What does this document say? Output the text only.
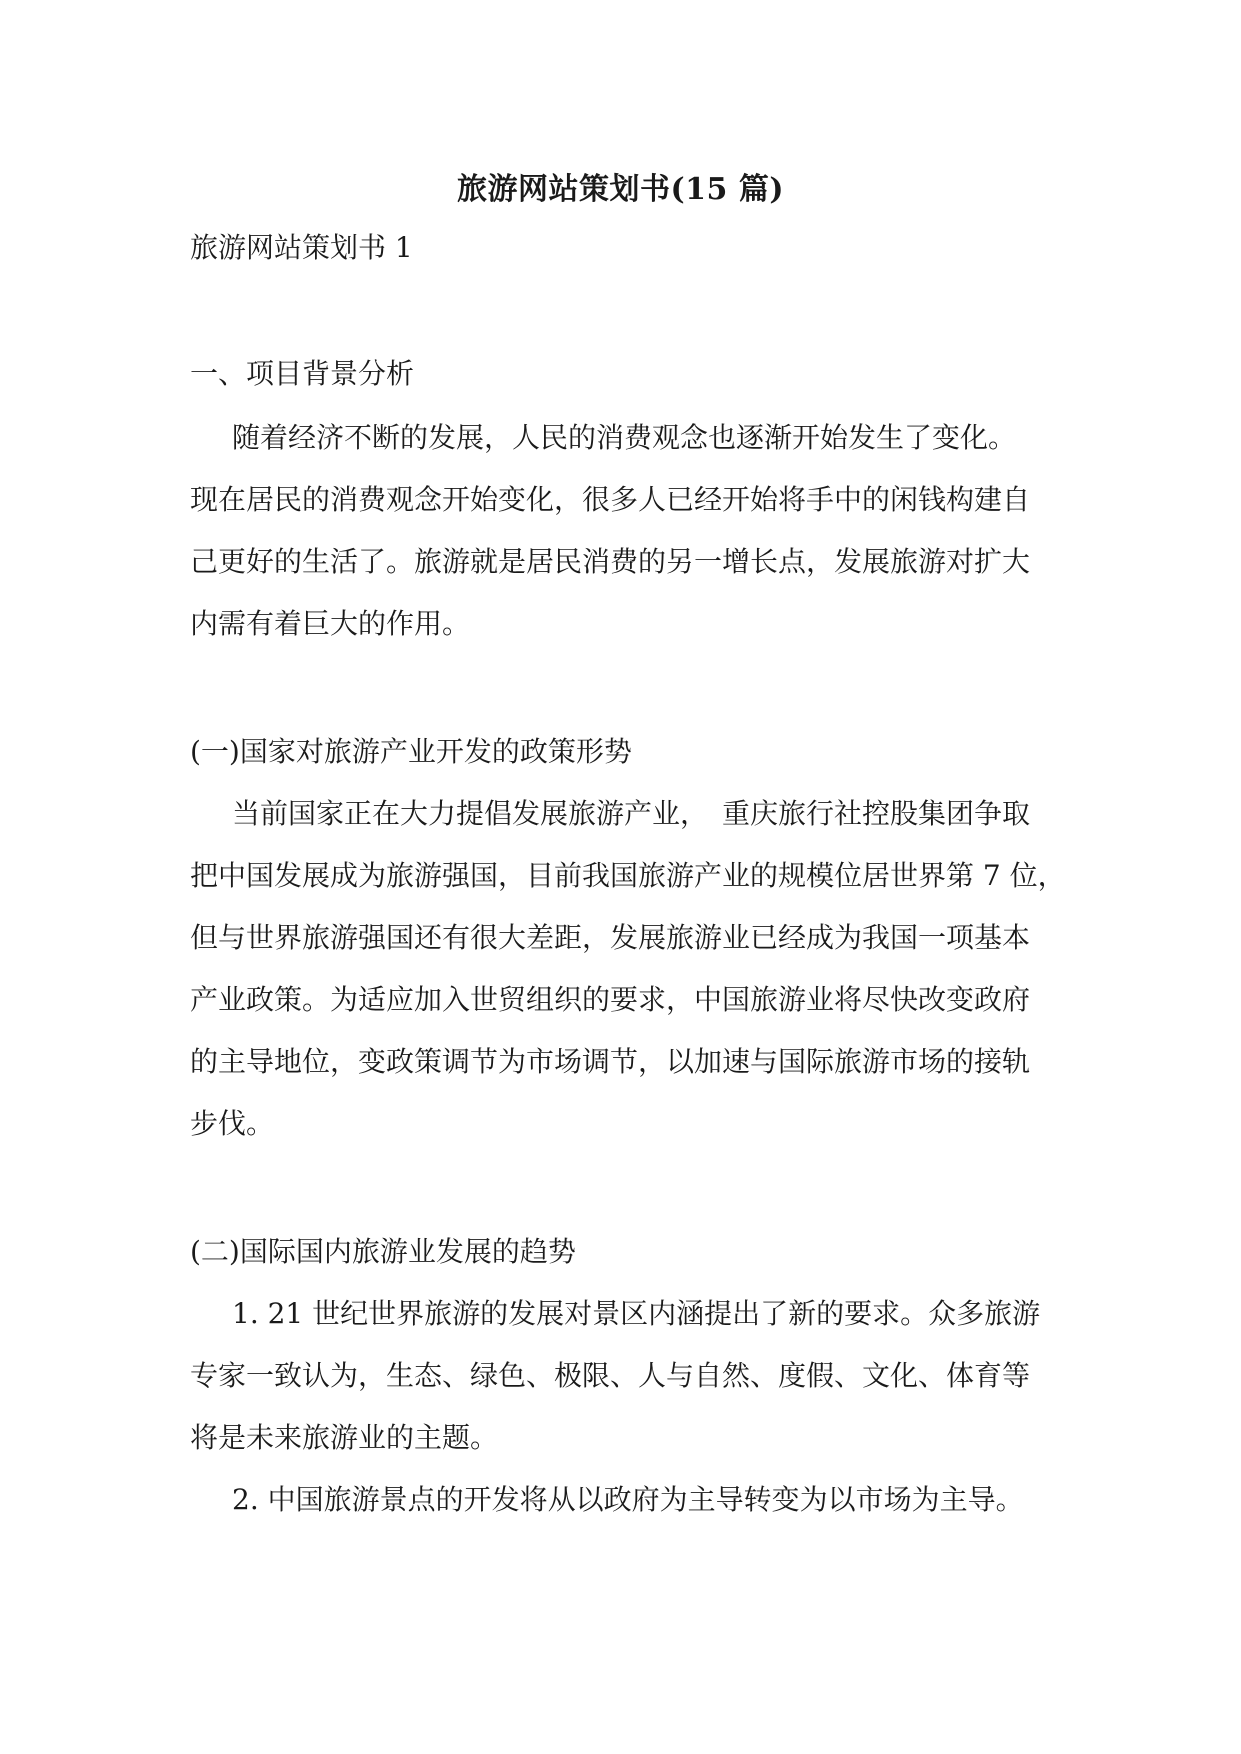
旅游网站策划书(15 篇)
旅游网站策划书 1
一、项目背景分析
随着经济不断的发展，人民的消费观念也逐渐开始发生了变化。
现在居民的消费观念开始变化，很多人已经开始将手中的闲钱构建自
己更好的生活了。旅游就是居民消费的另一增长点，发展旅游对扩大
内需有着巨大的作用。
(一)国家对旅游产业开发的政策形势
当前国家正在大力提倡发展旅游产业，　重庆旅行社控股集团争取
把中国发展成为旅游强国，目前我国旅游产业的规模位居世界第 7 位，
但与世界旅游强国还有很大差距，发展旅游业已经成为我国一项基本
产业政策。为适应加入世贸组织的要求，中国旅游业将尽快改变政府
的主导地位，变政策调节为市场调节，以加速与国际旅游市场的接轨
步伐。
(二)国际国内旅游业发展的趋势
1. 21 世纪世界旅游的发展对景区内涵提出了新的要求。众多旅游
专家一致认为，生态、绿色、极限、人与自然、度假、文化、体育等
将是未来旅游业的主题。
2. 中国旅游景点的开发将从以政府为主导转变为以市场为主导。
